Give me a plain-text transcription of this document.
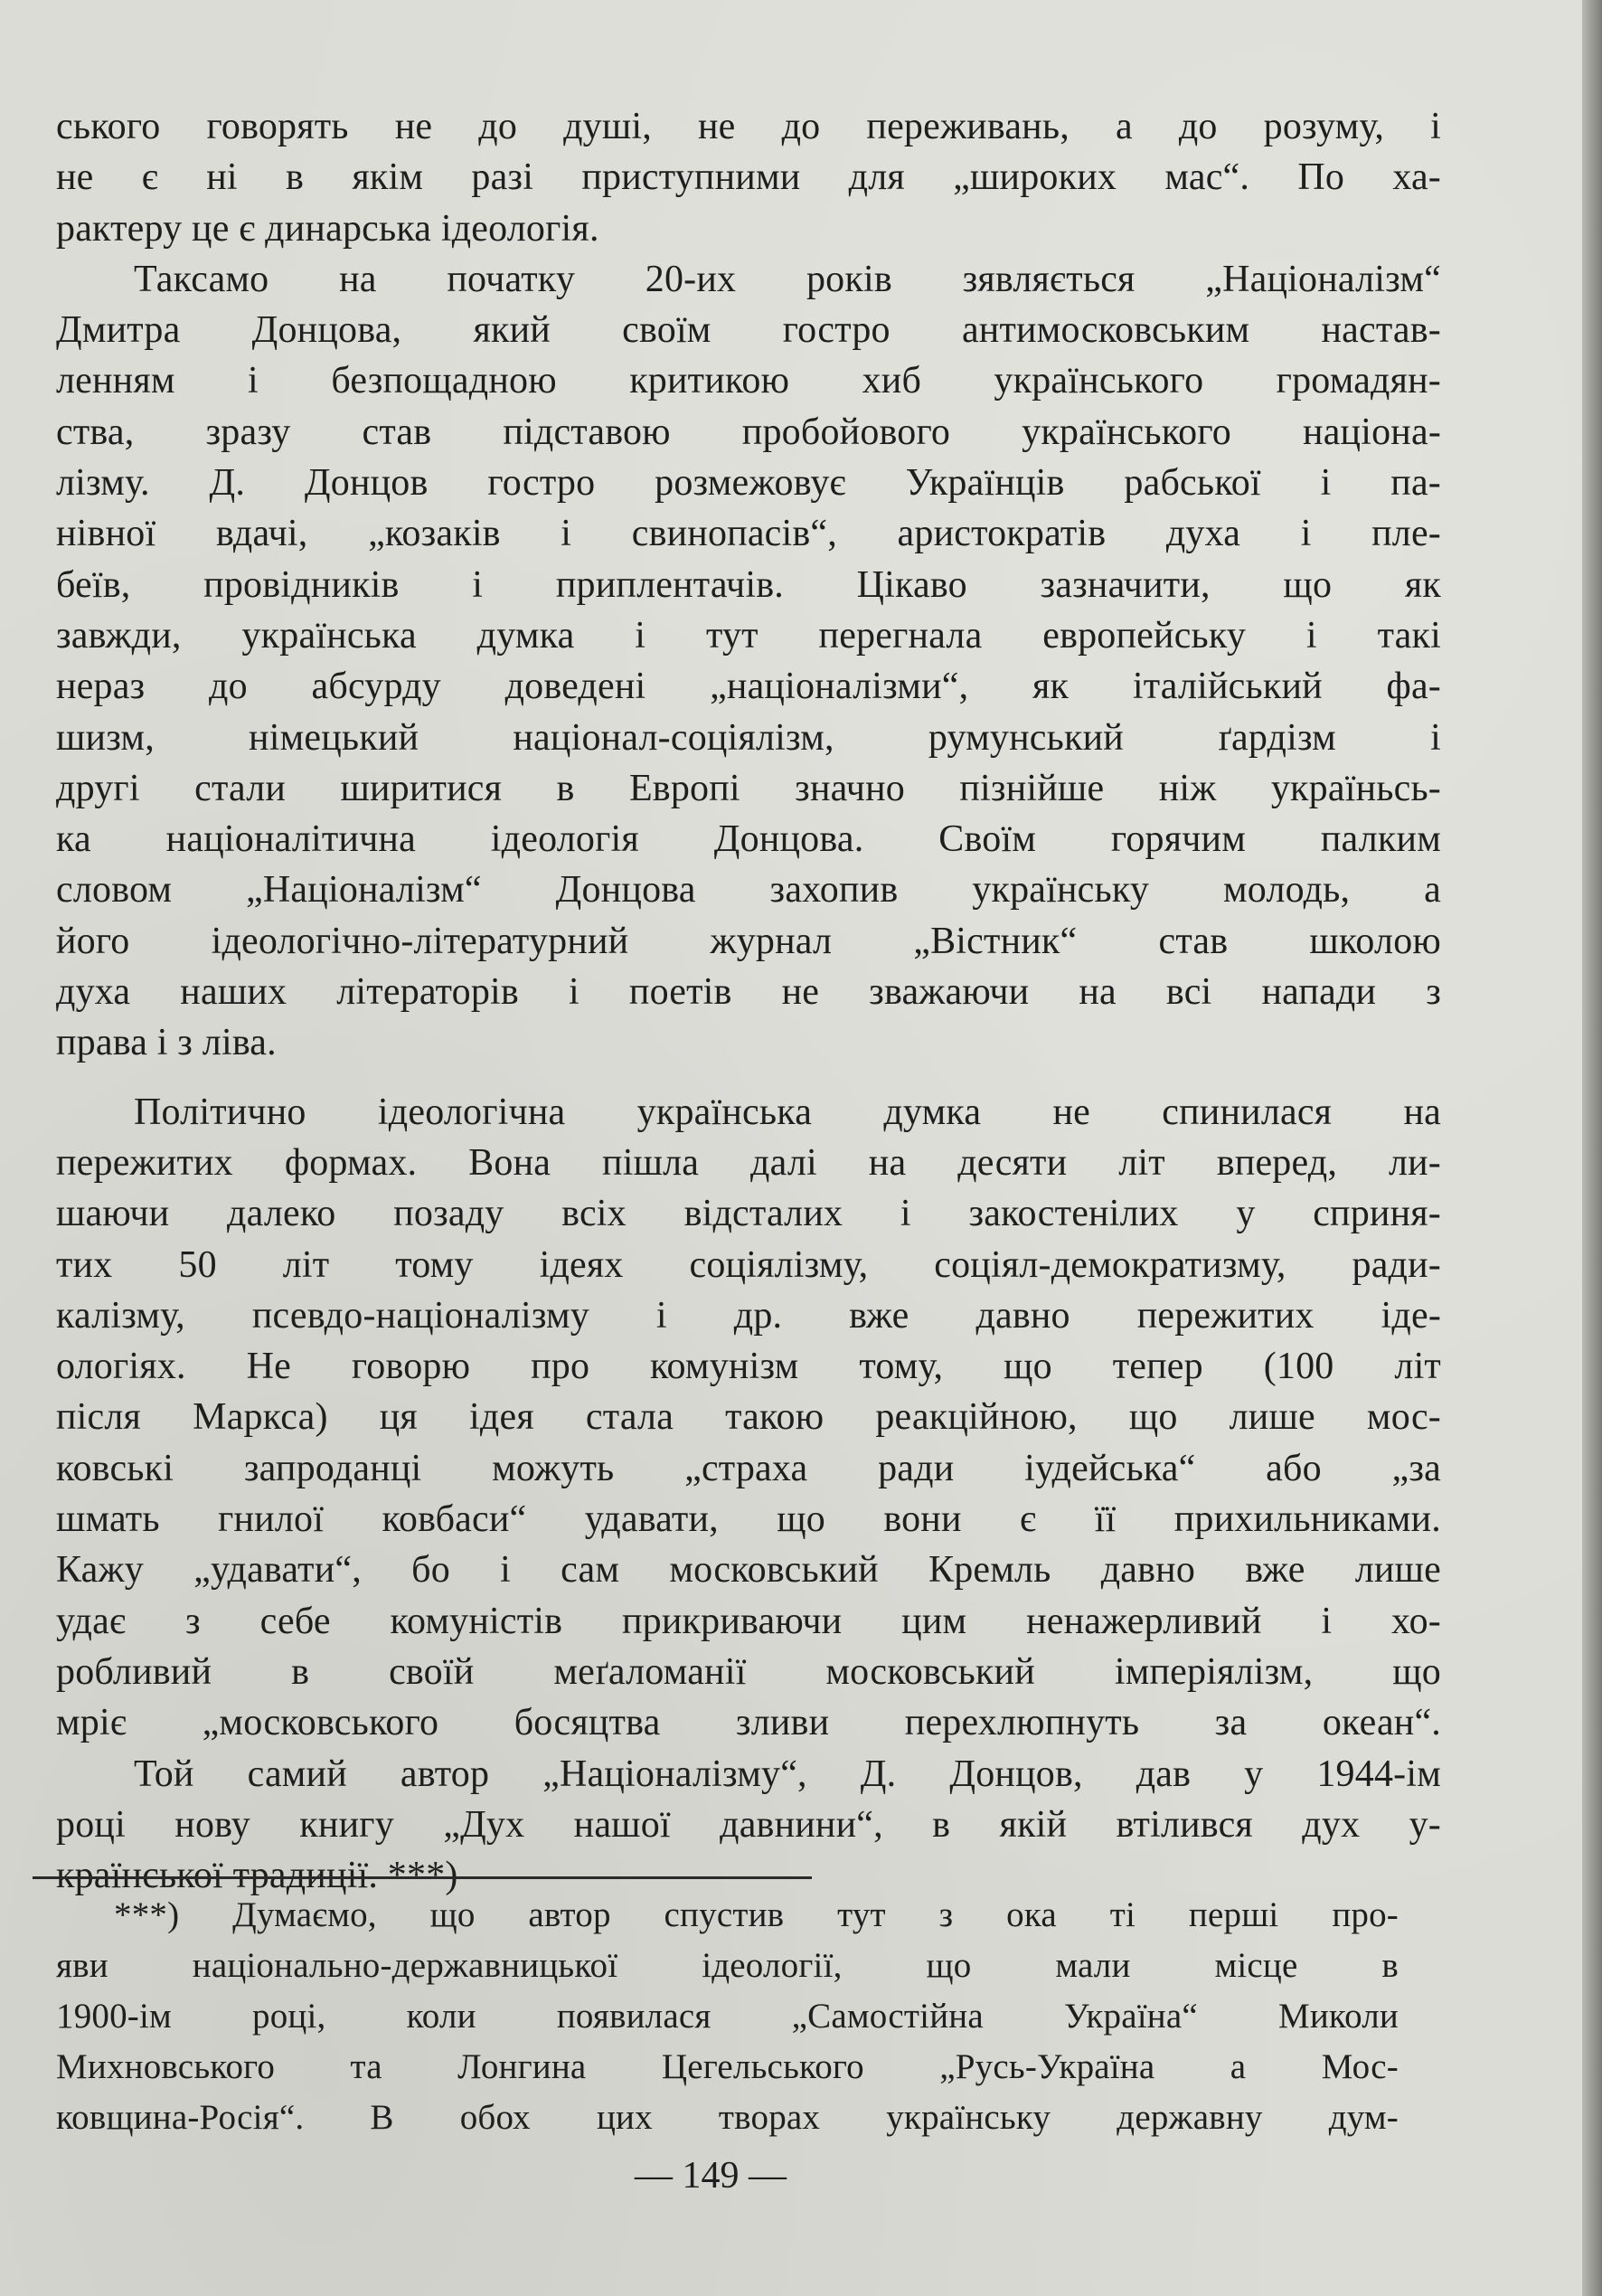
ського говорять не до душі, не до переживань, а до розуму, і
не є ні в якім разі приступними для „широких мас“. По ха-
рактеру це є динарська ідеологія.
Таксамо на початку 20-их років зявляється „Націоналізм“
Дмитра Донцова, який своїм гостро антимосковським настав-
ленням і безпощадною критикою хиб українського громадян-
ства, зразу став підставою пробойового українського націона-
лізму. Д. Донцов гостро розмежовує Українців рабської і па-
нівної вдачі, „козаків і свинопасів“, аристократів духа і пле-
беїв, провідників і приплентачів. Цікаво зазначити, що як
завжди, українська думка і тут перегнала европейську і такі
нераз до абсурду доведені „націоналізми“, як італійський фа-
шизм, німецький націонал-соціялізм, румунський ґардізм і
другі стали ширитися в Европі значно пізнійше ніж україньсь-
ка націоналітична ідеологія Донцова. Своїм горячим палким
словом „Націоналізм“ Донцова захопив українську молодь, а
його ідеологічно-літературний журнал „Вістник“ став школою
духа наших літераторів і поетів не зважаючи на всі напади з
права і з ліва.
Політично ідеологічна українська думка не спинилася на
пережитих формах. Вона пішла далі на десяти літ вперед, ли-
шаючи далеко позаду всіх відсталих і закостенілих у сприня-
тих 50 літ тому ідеях соціялізму, соціял-демократизму, ради-
калізму, псевдо-націоналізму і др. вже давно пережитих іде-
ологіях. Не говорю про комунізм тому, що тепер (100 літ
після Маркса) ця ідея стала такою реакційною, що лише мос-
ковські запроданці можуть „страха ради іудейська“ або „за
шмать гнилої ковбаси“ удавати, що вони є її прихильниками.
Кажу „удавати“, бо і сам московський Кремль давно вже лише
удає з себе комуністів прикриваючи цим ненажерливий і хо-
робливий в своїй меґаломанії московський імперіялізм, що
мріє „московського босяцтва зливи перехлюпнуть за океан“.
Той самий автор „Націоналізму“, Д. Донцов, дав у 1944-ім
році нову книгу „Дух нашої давнини“, в якій втілився дух у-
країнської традиції. ***)
***) Думаємо, що автор спустив тут з ока ті перші про-
яви національно-державницької ідеології, що мали місце в
1900-ім році, коли появилася „Самостійна Україна“ Миколи
Михновського та Лонгина Цегельського „Русь-Україна а Мос-
ковщина-Росія“. В обох цих творах українську державну дум-
— 149 —
